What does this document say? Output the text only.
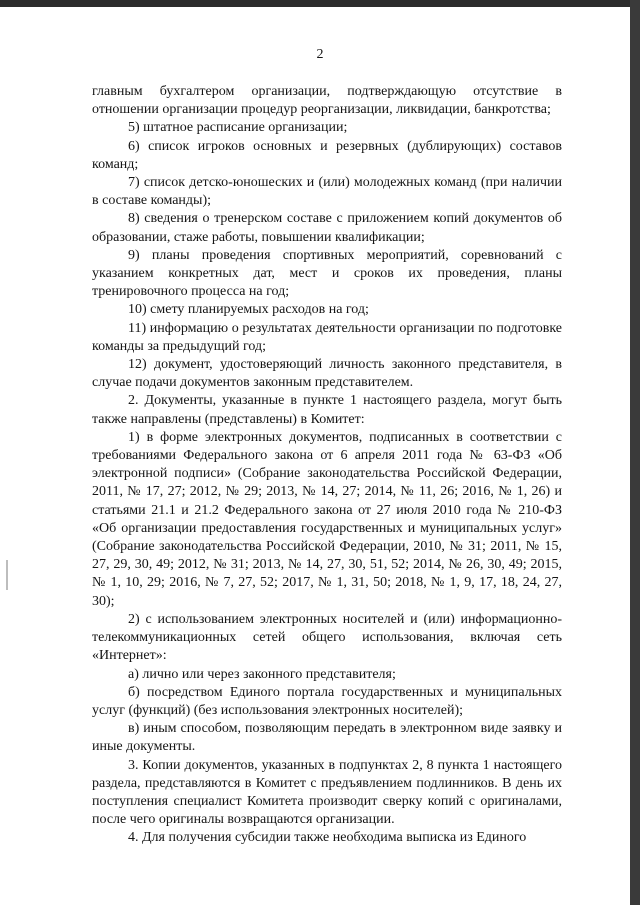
2

главным бухгалтером организации, подтверждающую отсутствие в отношении организации процедур реорганизации, ликвидации, банкротства;

5) штатное расписание организации;

6) список игроков основных и резервных (дублирующих) составов команд;

7) список детско-юношеских и (или) молодежных команд (при наличии в составе команды);

8) сведения о тренерском составе с приложением копий документов об образовании, стаже работы, повышении квалификации;

9) планы проведения спортивных мероприятий, соревнований с указанием конкретных дат, мест и сроков их проведения, планы тренировочного процесса на год;

10) смету планируемых расходов на год;

11) информацию о результатах деятельности организации по подготовке команды за предыдущий год;

12) документ, удостоверяющий личность законного представителя, в случае подачи документов законным представителем.

2. Документы, указанные в пункте 1 настоящего раздела, могут быть также направлены (представлены) в Комитет:

1) в форме электронных документов, подписанных в соответствии с требованиями Федерального закона от 6 апреля 2011 года № 63-ФЗ «Об электронной подписи» (Собрание законодательства Российской Федерации, 2011, № 17, 27; 2012, № 29; 2013, № 14, 27; 2014, № 11, 26; 2016, № 1, 26) и статьями 21.1 и 21.2 Федерального закона от 27 июля 2010 года № 210-ФЗ «Об организации предоставления государственных и муниципальных услуг» (Собрание законодательства Российской Федерации, 2010, № 31; 2011, № 15, 27, 29, 30, 49; 2012, № 31; 2013, № 14, 27, 30, 51, 52; 2014, № 26, 30, 49; 2015, № 1, 10, 29; 2016, № 7, 27, 52; 2017, № 1, 31, 50; 2018, № 1, 9, 17, 18, 24, 27, 30);

2) с использованием электронных носителей и (или) информационно-телекоммуникационных сетей общего использования, включая сеть «Интернет»:

а) лично или через законного представителя;

б) посредством Единого портала государственных и муниципальных услуг (функций) (без использования электронных носителей);

в) иным способом, позволяющим передать в электронном виде заявку и иные документы.

3. Копии документов, указанных в подпунктах 2, 8 пункта 1 настоящего раздела, представляются в Комитет с предъявлением подлинников. В день их поступления специалист Комитета производит сверку копий с оригиналами, после чего оригиналы возвращаются организации.

4. Для получения субсидии также необходима выписка из Единого
